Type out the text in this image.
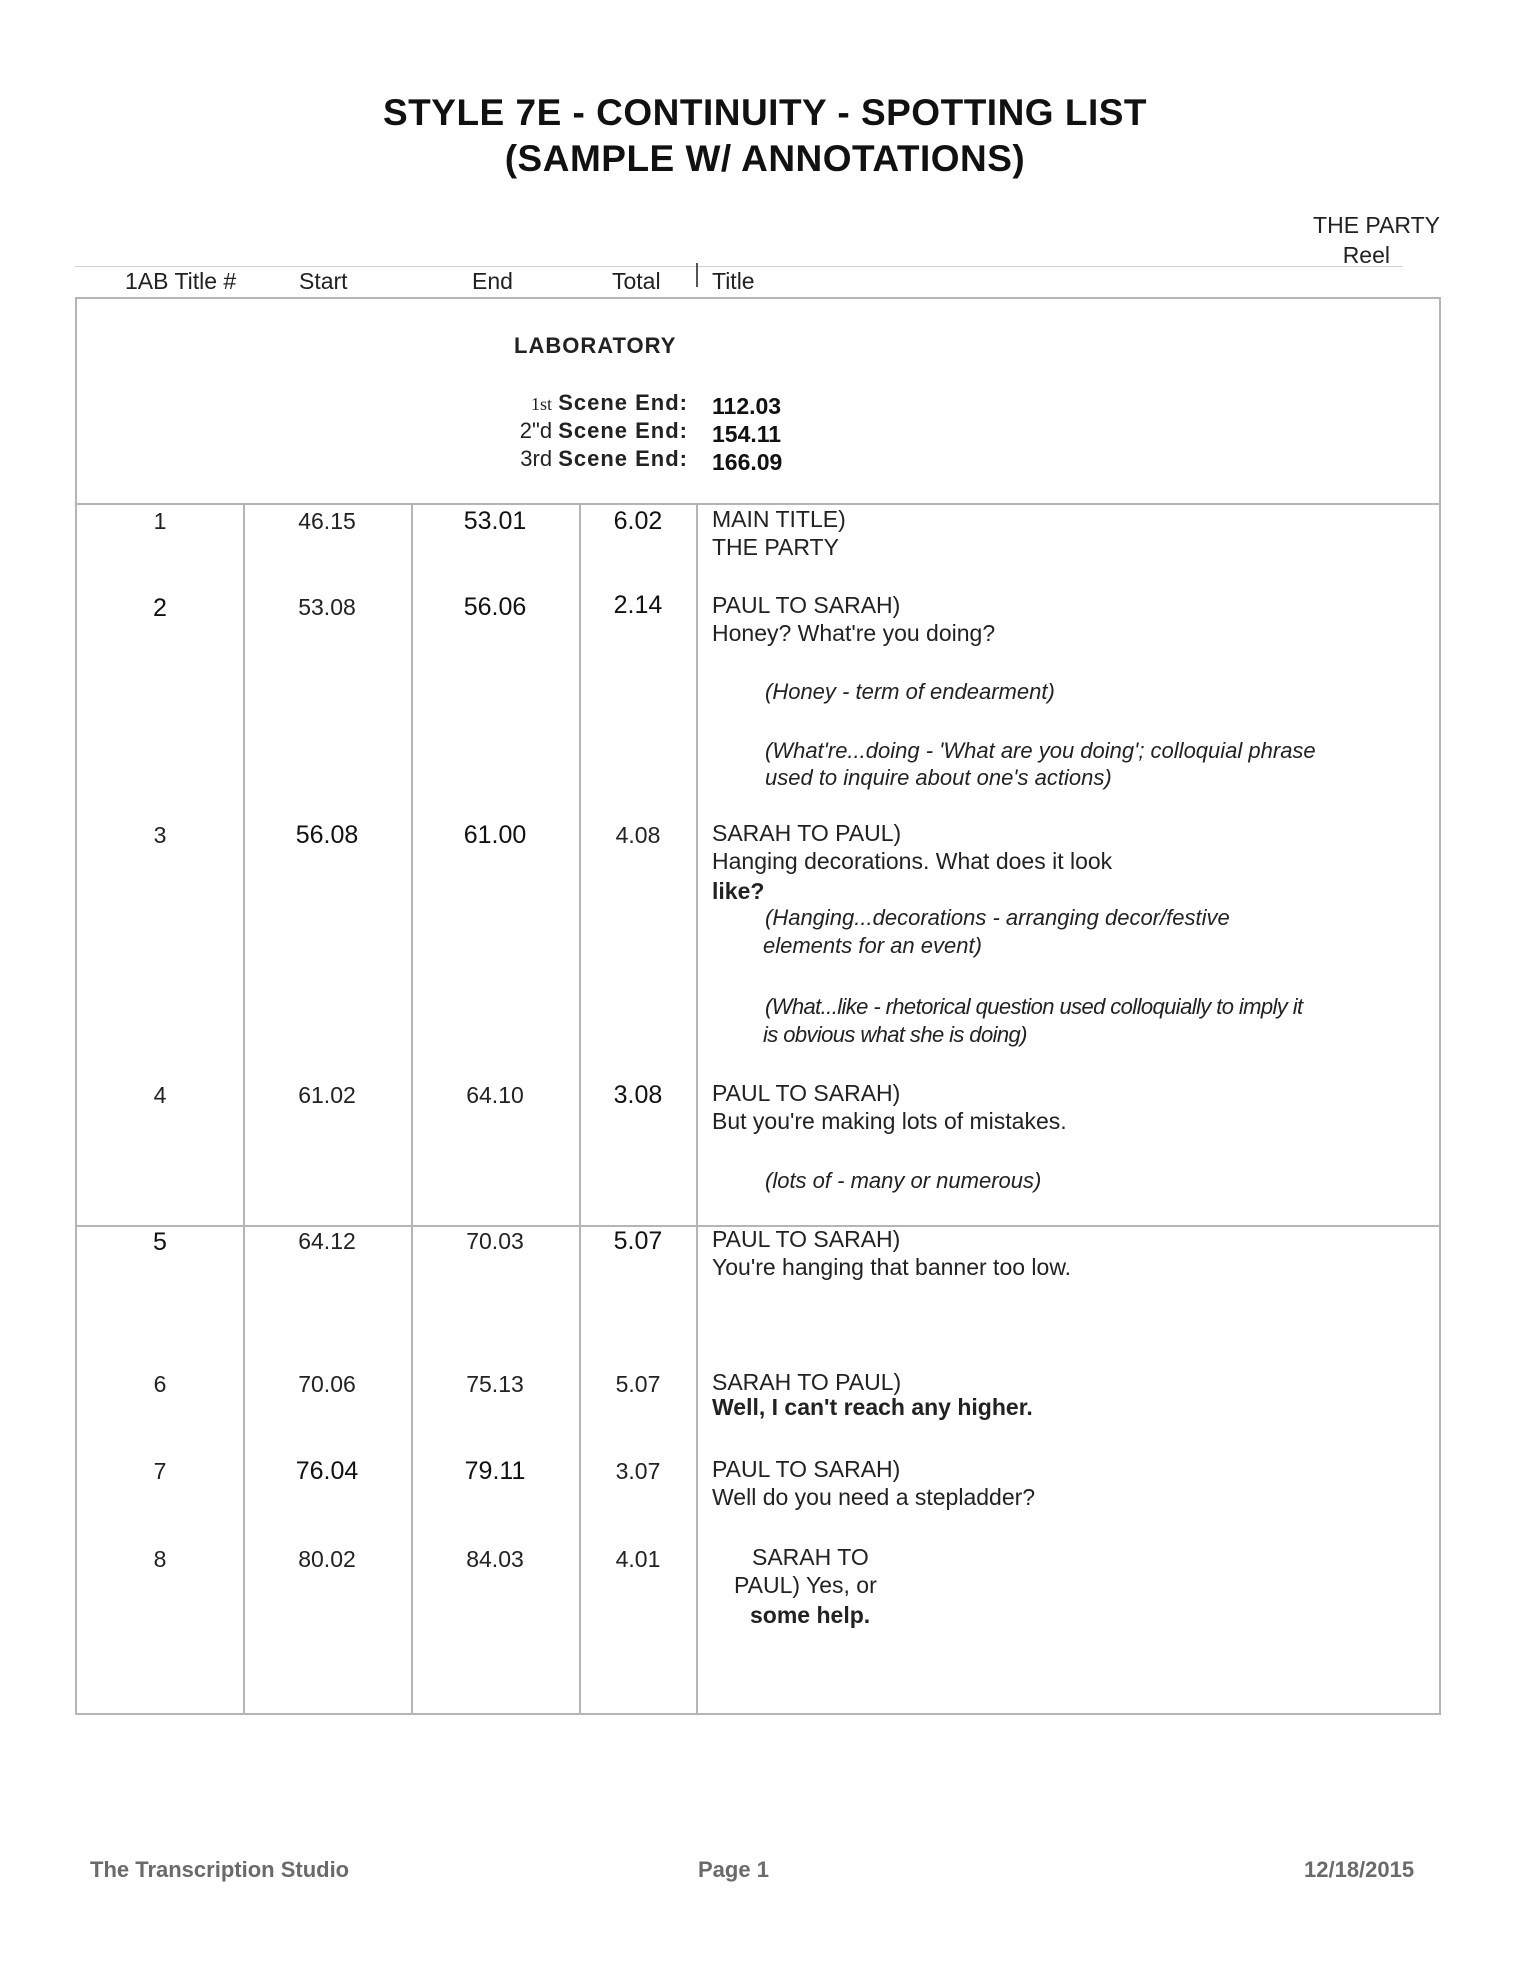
STYLE 7E - CONTINUITY - SPOTTING LIST
(SAMPLE W/ ANNOTATIONS)
THE PARTY
Reel
1AB Title #	Start	End	Total Title
LABORATORY
1st Scene End: 112.03
2"d Scene End: 154.11
3rd Scene End: 166.09
1	46.15	53.01	6.02	MAIN TITLE)
THE PARTY
2	53.08	56.06	2.14	PAUL TO SARAH)
Honey? What're you doing?
(Honey - term of endearment)
(What're...doing - 'What are you doing'; colloquial phrase
used to inquire about one's actions)
3	56.08	61.00	4.08	SARAH TO PAUL)
Hanging decorations. What does it look
like?
(Hanging...decorations - arranging decor/festive
elements for an event)
(What...like - rhetorical question used colloquially to imply it
is obvious what she is doing)
4	61.02	64.10	3.08	PAUL TO SARAH)
But you're making lots of mistakes.
(lots of - many or numerous)
5	64.12	70.03	5.07	PAUL TO SARAH)
You're hanging that banner too low.
6	70.06	75.13	5.07	SARAH TO PAUL)
Well, I can't reach any higher.
7	76.04	79.11	3.07	PAUL TO SARAH)
Well do you need a stepladder?
8	80.02	84.03	4.01	SARAH TO
PAUL) Yes, or
some help.
The Transcription Studio	Page 1	12/18/2015
